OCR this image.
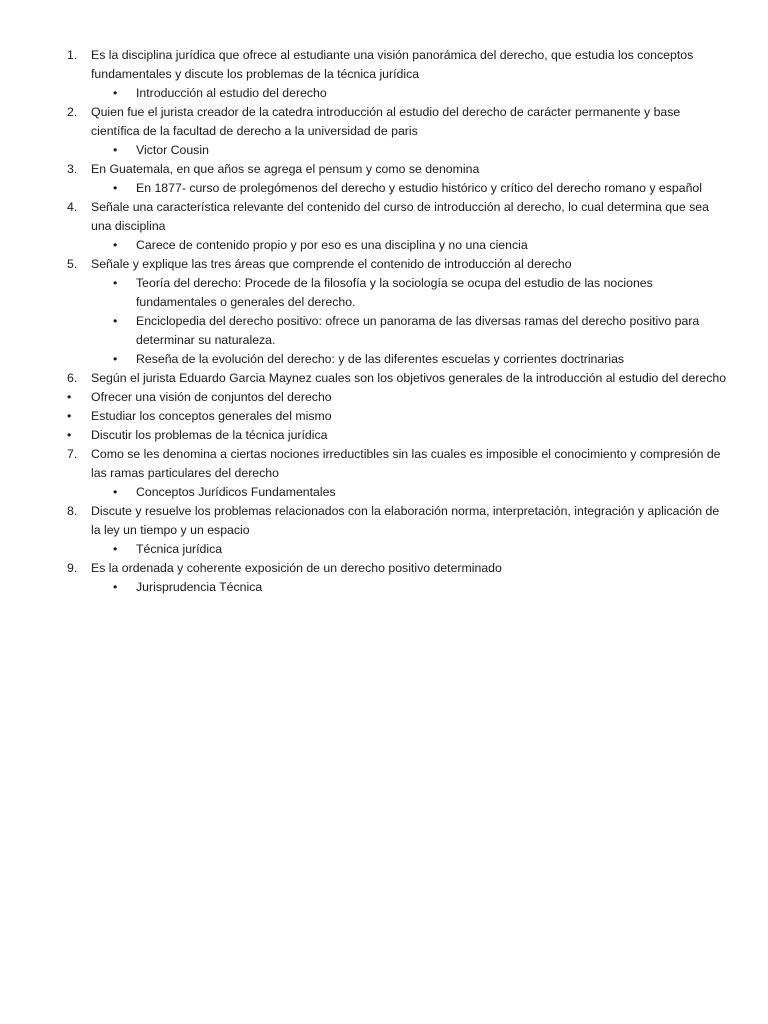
1. Es la disciplina jurídica que ofrece al estudiante una visión panorámica del derecho, que estudia los conceptos fundamentales y discute los problemas de la técnica jurídica
• Introducción al estudio del derecho
2. Quien fue el jurista creador de la catedra introducción al estudio del derecho de carácter permanente y base científica de la facultad de derecho a la universidad de paris
• Victor Cousin
3. En Guatemala, en que años se agrega el pensum y como se denomina
• En 1877- curso de prolegómenos del derecho y estudio histórico y crítico del derecho romano y español
4. Señale una característica relevante del contenido del curso de introducción al derecho, lo cual determina que sea una disciplina
• Carece de contenido propio y por eso es una disciplina y no una ciencia
5. Señale y explique las tres áreas que comprende el contenido de introducción al derecho
• Teoría del derecho: Procede de la filosofía y la sociología se ocupa del estudio de las nociones fundamentales o generales del derecho.
• Enciclopedia del derecho positivo: ofrece un panorama de las diversas ramas del derecho positivo para determinar su naturaleza.
• Reseña de la evolución del derecho: y de las diferentes escuelas y corrientes doctrinarias
6. Según el jurista Eduardo Garcia Maynez cuales son los objetivos generales de la introducción al estudio del derecho
• Ofrecer una visión de conjuntos del derecho
• Estudiar los conceptos generales del mismo
• Discutir los problemas de la técnica jurídica
7. Como se les denomina a ciertas nociones irreductibles sin las cuales es imposible el conocimiento y compresión de las ramas particulares del derecho
• Conceptos Jurídicos Fundamentales
8. Discute y resuelve los problemas relacionados con la elaboración norma, interpretación, integración y aplicación de la ley un tiempo y un espacio
• Técnica jurídica
9. Es la ordenada y coherente exposición de un derecho positivo determinado
• Jurisprudencia Técnica
